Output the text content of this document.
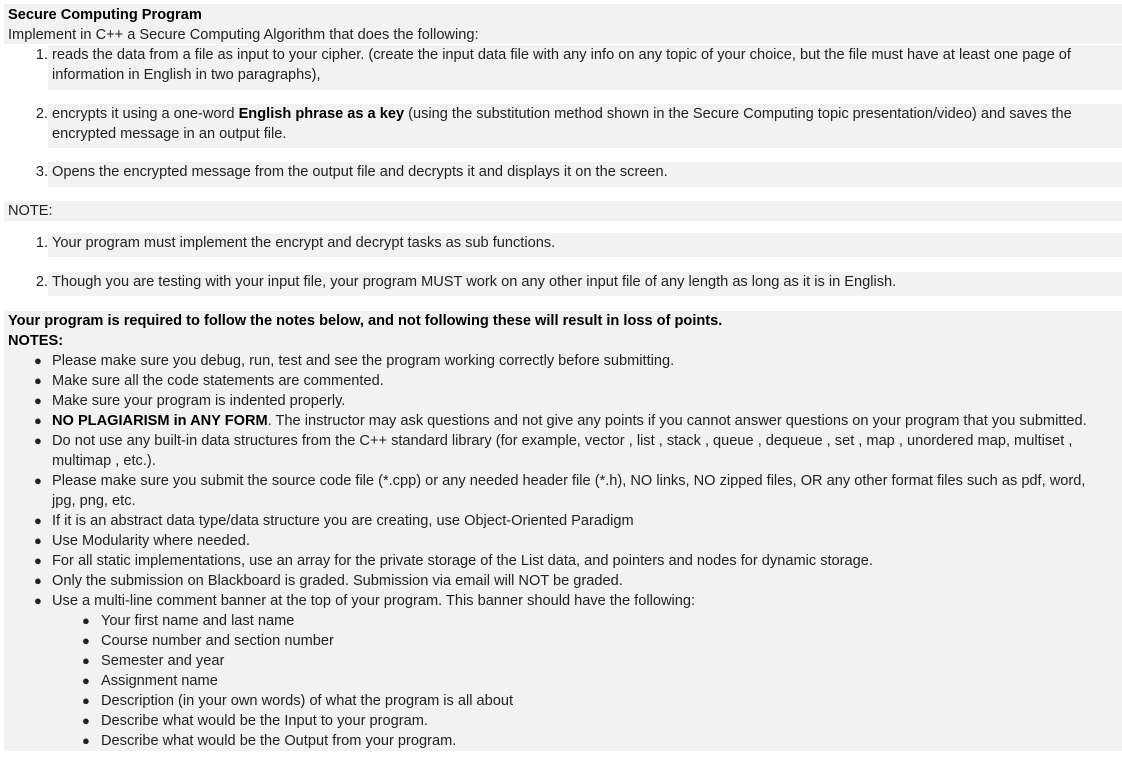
Secure Computing Program
Implement in C++ a Secure Computing Algorithm that does the following:
1. reads the data from a file as input to your cipher. (create the input data file with any info on any topic of your choice, but the file must have at least one page of
information in English in two paragraphs),
2. encrypts it using a one-word English phrase as a key (using the substitution method shown in the Secure Computing topic presentation/video) and saves the
encrypted message in an output file.
3. Opens the encrypted message from the output file and decrypts it and displays it on the screen.
NOTE:
1. Your program must implement the encrypt and decrypt tasks as sub functions.
2. Though you are testing with your input file, your program MUST work on any other input file of any length as long as it is in English.
Your program is required to follow the notes below, and not following these will result in loss of points.
NOTES:
● Please make sure you debug, run, test and see the program working correctly before submitting.
● Make sure all the code statements are commented.
● Make sure your program is indented properly.
● NO PLAGIARISM in ANY FORM. The instructor may ask questions and not give any points if you cannot answer questions on your program that you submitted.
● Do not use any built-in data structures from the C++ standard library (for example, vector , list , stack , queue , dequeue , set , map , unordered map, multiset ,
multimap , etc.).
● Please make sure you submit the source code file (*.cpp) or any needed header file (*.h), NO links, NO zipped files, OR any other format files such as pdf, word,
jpg, png, etc.
● If it is an abstract data type/data structure you are creating, use Object-Oriented Paradigm
● Use Modularity where needed.
● For all static implementations, use an array for the private storage of the List data, and pointers and nodes for dynamic storage.
● Only the submission on Blackboard is graded. Submission via email will NOT be graded.
● Use a multi-line comment banner at the top of your program. This banner should have the following:
● Your first name and last name
● Course number and section number
● Semester and year
● Assignment name
● Description (in your own words) of what the program is all about
● Describe what would be the Input to your program.
● Describe what would be the Output from your program.
